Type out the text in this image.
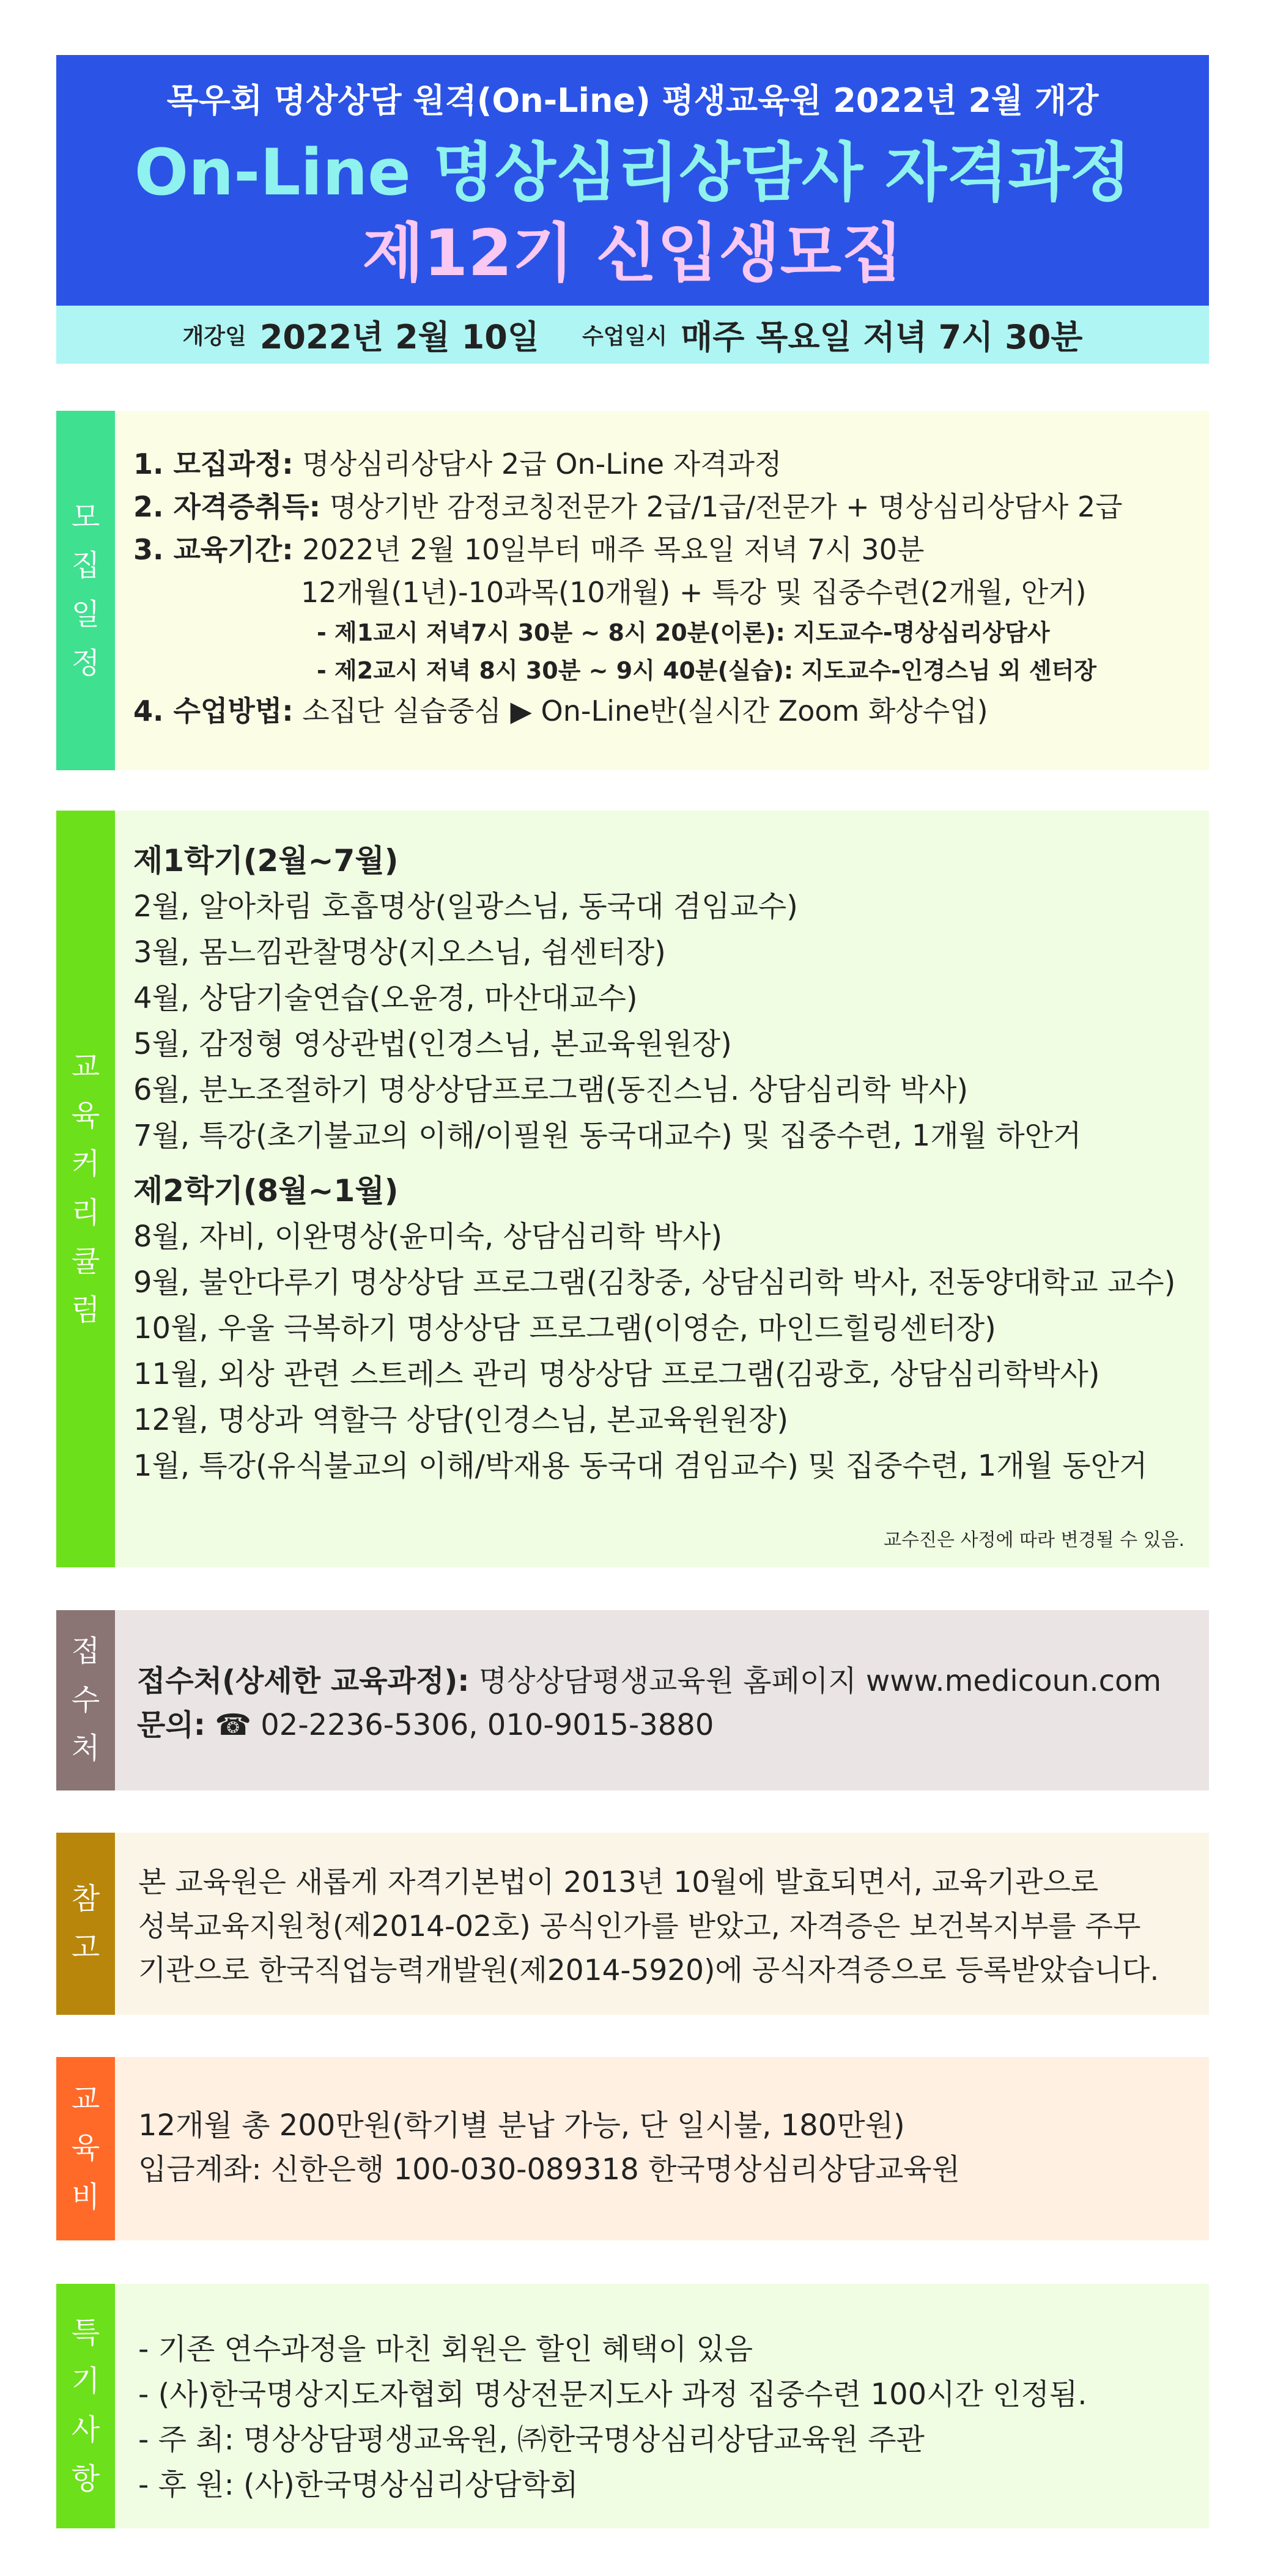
목우회 명상상담 원격(On-Line) 평생교육원 2022년 2월 개강
On-Line 명상심리상담사 자격과정
제12기 신입생모집
개강일 2022년 2월 10일 수업일시 매주 목요일 저녁 7시 30분
모
집
일
정
1. 모집과정: 명상심리상담사 2급 On-Line 자격과정
2. 자격증취득: 명상기반 감정코칭전문가 2급/1급/전문가 + 명상심리상담사 2급
3. 교육기간: 2022년 2월 10일부터 매주 목요일 저녁 7시 30분
12개월(1년)-10과목(10개월) + 특강 및 집중수련(2개월, 안거)
- 제1교시 저녁7시 30분 ~ 8시 20분(이론): 지도교수-명상심리상담사
- 제2교시 저녁 8시 30분 ~ 9시 40분(실습): 지도교수-인경스님 외 센터장
4. 수업방법: 소집단 실습중심 ▶ On-Line반(실시간 Zoom 화상수업)
교
육
커
리
큘
럼
제1학기(2월~7월)
2월, 알아차림 호흡명상(일광스님, 동국대 겸임교수)
3월, 몸느낌관찰명상(지오스님, 쉼센터장)
4월, 상담기술연습(오윤경, 마산대교수)
5월, 감정형 영상관법(인경스님, 본교육원원장)
6월, 분노조절하기 명상상담프로그램(동진스님. 상담심리학 박사)
7월, 특강(초기불교의 이해/이필원 동국대교수) 및 집중수련, 1개월 하안거
제2학기(8월~1월)
8월, 자비, 이완명상(윤미숙, 상담심리학 박사)
9월, 불안다루기 명상상담 프로그램(김창중, 상담심리학 박사, 전동양대학교 교수)
10월, 우울 극복하기 명상상담 프로그램(이영순, 마인드힐링센터장)
11월, 외상 관련 스트레스 관리 명상상담 프로그램(김광호, 상담심리학박사)
12월, 명상과 역할극 상담(인경스님, 본교육원원장)
1월, 특강(유식불교의 이해/박재용 동국대 겸임교수) 및 집중수련, 1개월 동안거
교수진은 사정에 따라 변경될 수 있음.
접
수
처
접수처(상세한 교육과정): 명상상담평생교육원 홈페이지 www.medicoun.com
문의: ☎ 02-2236-5306, 010-9015-3880
참
고
본 교육원은 새롭게 자격기본법이 2013년 10월에 발효되면서, 교육기관으로
성북교육지원청(제2014-02호) 공식인가를 받았고, 자격증은 보건복지부를 주무
기관으로 한국직업능력개발원(제2014-5920)에 공식자격증으로 등록받았습니다.
교
육
비
12개월 총 200만원(학기별 분납 가능, 단 일시불, 180만원)
입금계좌: 신한은행 100-030-089318 한국명상심리상담교육원
특
기
사
항
- 기존 연수과정을 마친 회원은 할인 혜택이 있음
- (사)한국명상지도자협회 명상전문지도사 과정 집중수련 100시간 인정됨.
- 주 최: 명상상담평생교육원, ㈜한국명상심리상담교육원 주관
- 후 원: (사)한국명상심리상담학회
